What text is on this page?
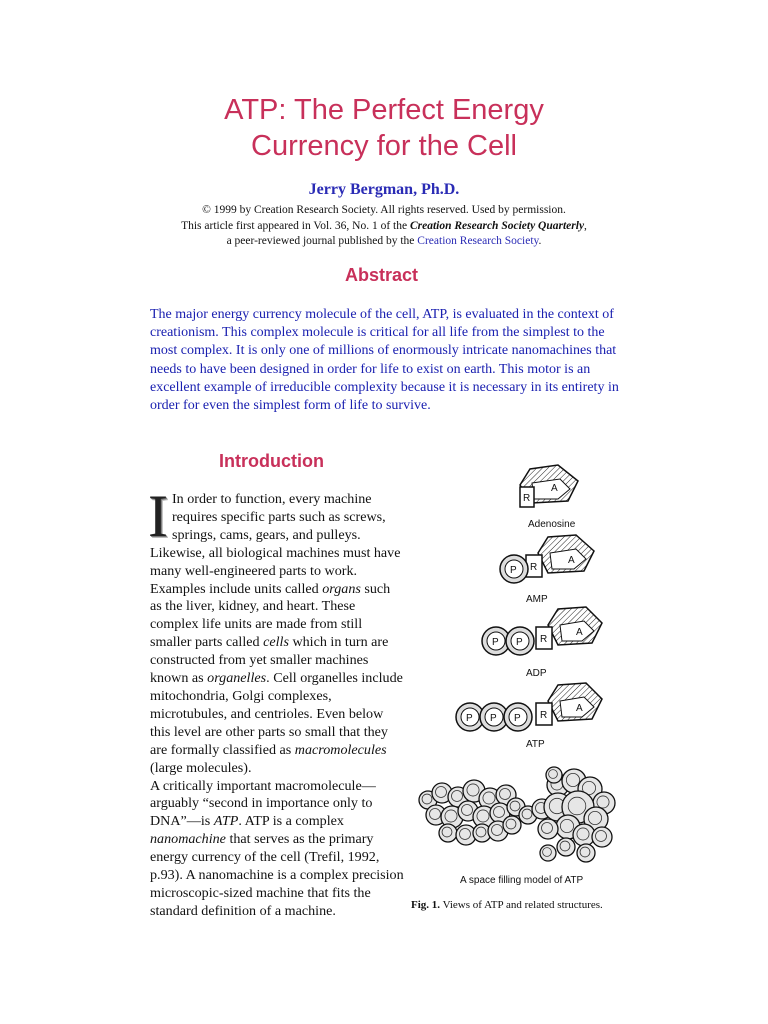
ATP: The Perfect Energy
Currency for the Cell
Jerry Bergman, Ph.D.
© 1999 by Creation Research Society. All rights reserved. Used by permission.
This article first appeared in Vol. 36, No. 1 of the Creation Research Society Quarterly,
a peer-reviewed journal published by the Creation Research Society.
Abstract
The major energy currency molecule of the cell, ATP, is evaluated in the context of creationism. This complex molecule is critical for all life from the simplest to the most complex. It is only one of millions of enormously intricate nanomachines that needs to have been designed in order for life to exist on earth. This motor is an excellent example of irreducible complexity because it is necessary in its entirety in order for even the simplest form of life to survive.
Introduction
I In order to function, every machine requires specific parts such as screws, springs, cams, gears, and pulleys. Likewise, all biological machines must have many well-engineered parts to work. Examples include units called organs such as the liver, kidney, and heart. These complex life units are made from still smaller parts called cells which in turn are constructed from yet smaller machines known as organelles. Cell organelles include mitochondria, Golgi complexes, microtubules, and centrioles. Even below this level are other parts so small that they are formally classified as macromolecules (large molecules).
A critically important macromolecule—arguably “second in importance only to DNA”—is ATP. ATP is a complex nanomachine that serves as the primary energy currency of the cell (Trefil, 1992, p.93). A nanomachine is a complex precision microscopic-sized machine that fits the standard definition of a machine.
R
A
Adenosine
P R
A
AMP
P P R
A
ADP
P P P R
A
ATP
A space filling model of ATP
Fig. 1. Views of ATP and related structures.
